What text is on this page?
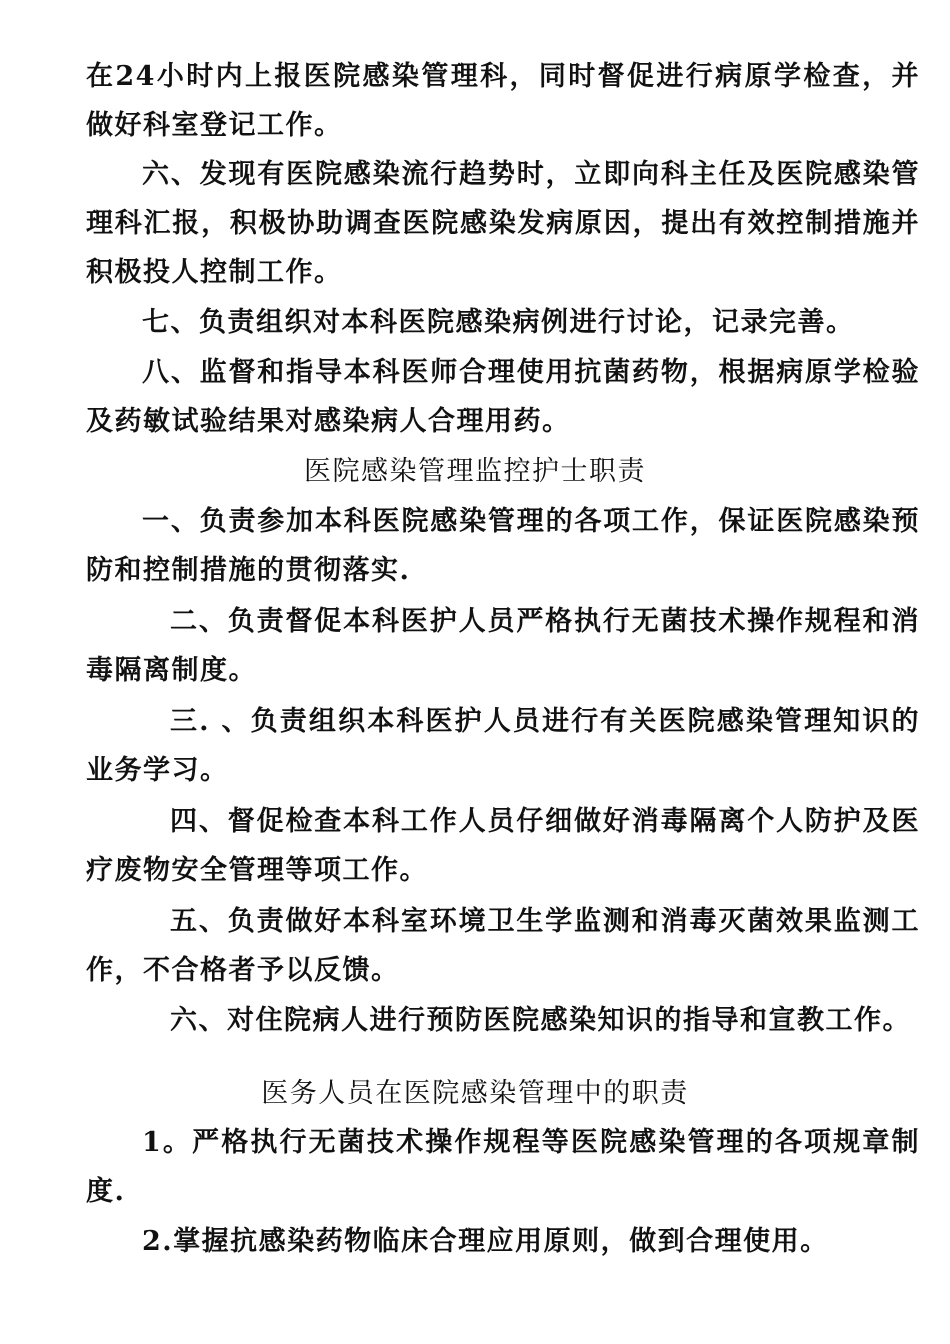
在24小时内上报医院感染管理科，同时督促进行病原学检查，并做好科室登记工作。

六、发现有医院感染流行趋势时，立即向科主任及医院感染管理科汇报，积极协助调查医院感染发病原因，提出有效控制措施并积极投人控制工作。

七、负责组织对本科医院感染病例进行讨论，记录完善。

八、监督和指导本科医师合理使用抗菌药物，根据病原学检验及药敏试验结果对感染病人合理用药。

医院感染管理监控护士职责

一、负责参加本科医院感染管理的各项工作，保证医院感染预防和控制措施的贯彻落实.

二、负责督促本科医护人员严格执行无菌技术操作规程和消毒隔离制度。

三. 、负责组织本科医护人员进行有关医院感染管理知识的业务学习。

四、督促检查本科工作人员仔细做好消毒隔离个人防护及医疗废物安全管理等项工作。

五、负责做好本科室环境卫生学监测和消毒灭菌效果监测工作，不合格者予以反馈。

六、对住院病人进行预防医院感染知识的指导和宣教工作。

医务人员在医院感染管理中的职责

1。严格执行无菌技术操作规程等医院感染管理的各项规章制度.

2.掌握抗感染药物临床合理应用原则，做到合理使用。
